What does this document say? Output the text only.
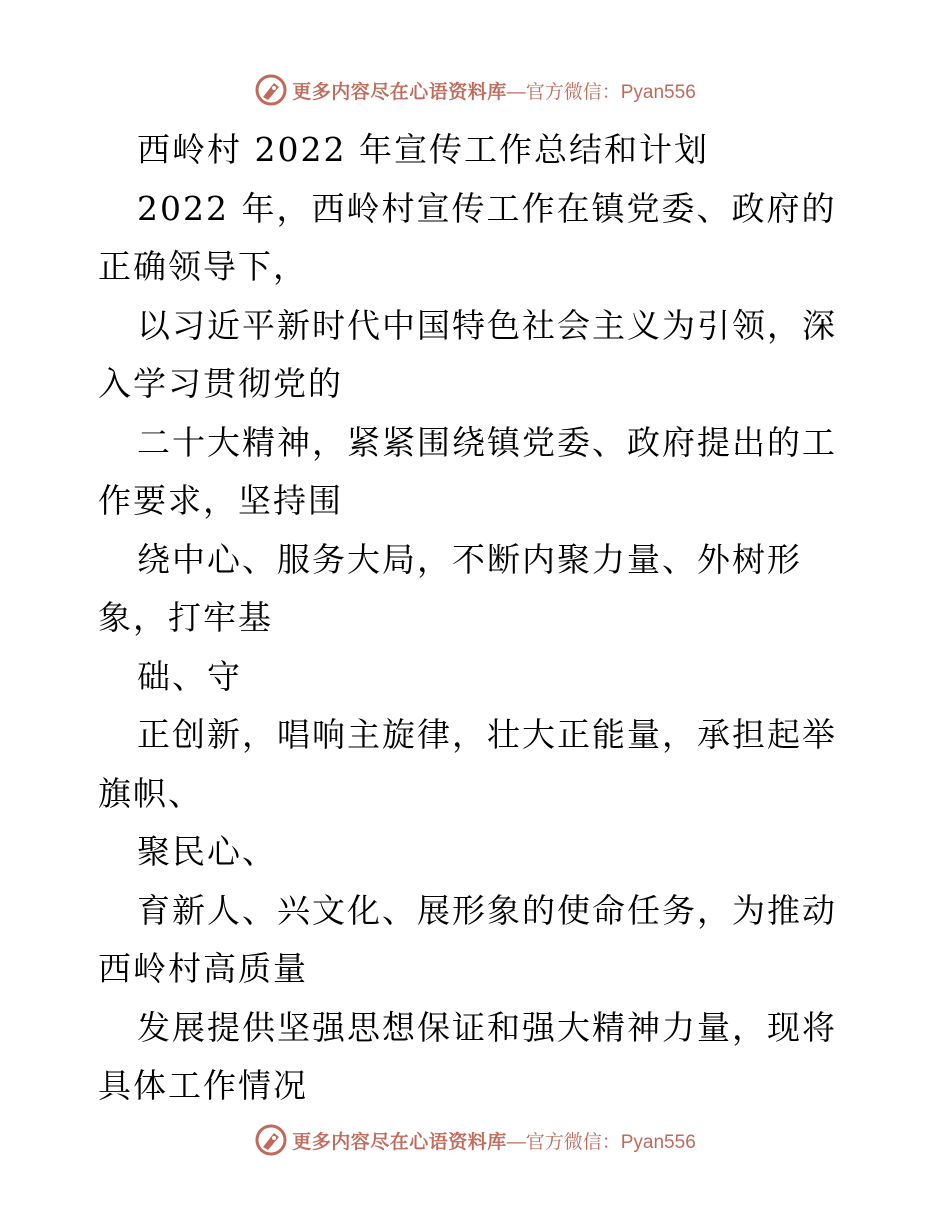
更多内容尽在心语资料库 —官方微信：Pyan556

西岭村 2022 年宣传工作总结和计划

2022 年，西岭村宣传工作在镇党委、政府的正确领导下，

以习近平新时代中国特色社会主义为引领，深入学习贯彻党的

二十大精神，紧紧围绕镇党委、政府提出的工作要求，坚持围

绕中心、服务大局，不断内聚力量、外树形象，打牢基

础、守

正创新，唱响主旋律，壮大正能量，承担起举旗帜、

聚民心、

育新人、兴文化、展形象的使命任务，为推动西岭村高质量

发展提供坚强思想保证和强大精神力量，现将具体工作情况

更多内容尽在心语资料库 —官方微信：Pyan556
